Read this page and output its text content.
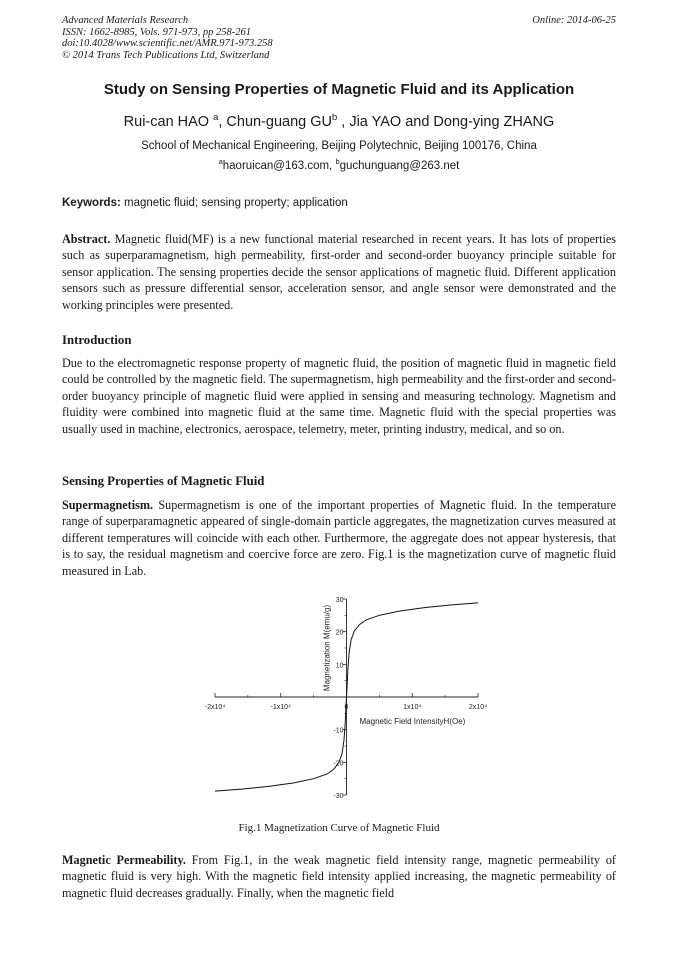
Advanced Materials Research
ISSN: 1662-8985, Vols. 971-973, pp 258-261
doi:10.4028/www.scientific.net/AMR.971-973.258
© 2014 Trans Tech Publications Ltd, Switzerland
Online: 2014-06-25
Study on Sensing Properties of Magnetic Fluid and its Application
Rui-can HAO $^a$, Chun-guang $GU^b$ , Jia YAO and Dong-ying ZHANG
School of Mechanical Engineering, Beijing Polytechnic, Beijing 100176, China
$^a$haoruican@163.com, $^b$guchunguang@263.net
Keywords: magnetic fluid; sensing property; application
Abstract. Magnetic fluid(MF) is a new functional material researched in recent years. It has lots of properties such as superparamagnetism, high permeability, first-order and second-order buoyancy principle suitable for sensor application. The sensing properties decide the sensor applications of magnetic fluid. Different application sensors such as pressure differential sensor, acceleration sensor, and angle sensor were demonstrated and the working principles were presented.
Introduction
Due to the electromagnetic response property of magnetic fluid, the position of magnetic fluid in magnetic field could be controlled by the magnetic field. The supermagnetism, high permeability and the first-order and second-order buoyancy principle of magnetic fluid were applied in sensing and measuring technology. Magnetism and fluidity were combined into magnetic fluid at the same time. Magnetic fluid with the special properties was usually used in machine, electronics, aerospace, telemetry, meter, printing industry, medical, and so on.
Sensing Properties of Magnetic Fluid
Supermagnetism. Supermagnetism is one of the important properties of Magnetic fluid. In the temperature range of superparamagnetic appeared of single-domain particle aggregates, the magnetization curves measured at different temperatures will coincide with each other. Furthermore, the aggregate does not appear hysteresis, that is to say, the residual magnetism and coercive force are zero. Fig.1 is the magnetization curve of magnetic fluid measured in Lab.
-2x10⁴	-1x10⁴	0	1x10⁴	2x10⁴
-30
-20
-10
10
20
30
Magnetic Field IntensityH(Oe)
Magnetization M(emu/g)
Fig.1 Magnetization Curve of Magnetic Fluid
Magnetic Permeability. From Fig.1, in the weak magnetic field intensity range, magnetic permeability of magnetic fluid is very high. With the magnetic field intensity applied increasing, the magnetic permeability of magnetic fluid decreases gradually. Finally, when the magnetic field
